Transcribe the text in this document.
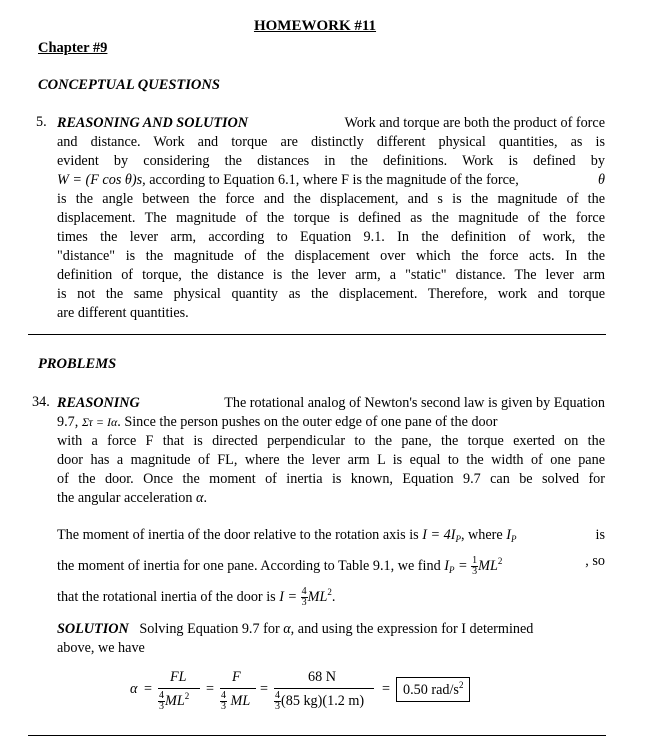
HOMEWORK #11
Chapter #9
CONCEPTUAL QUESTIONS
5. REASONING AND SOLUTION	Work and torque are both the product of force
and distance. Work and torque are distinctly different physical quantities, as is
evident by considering the distances in the definitions. Work is defined by
W = (F cos θ)s, according to Equation 6.1, where F is the magnitude of the force,	θ
is the angle between the force and the displacement, and s is the magnitude of the
displacement. The magnitude of the torque is defined as the magnitude of the force
times the lever arm, according to Equation 9.1. In the definition of work, the
"distance" is the magnitude of the displacement over which the force acts. In the
definition of torque, the distance is the lever arm, a "static" distance. The lever arm
is not the same physical quantity as the displacement. Therefore, work and torque
are different quantities.
PROBLEMS
34. REASONING	The rotational analog of Newton's second law is given by Equation
9.7, Στ = Iα. Since the person pushes on the outer edge of one pane of the door
with a force F that is directed perpendicular to the pane, the torque exerted on the
door has a magnitude of FL, where the lever arm L is equal to the width of one pane
of the door. Once the moment of inertia is known, Equation 9.7 can be solved for
the angular acceleration α.
The moment of inertia of the door relative to the rotation axis is $I = 4I_P$, where $I_P$	is
the moment of inertia for one pane. According to Table 9.1, we find $I_P = \frac{1}{3} ML^2$	, so
that the rotational inertia of the door is $I = \frac{4}{3} ML^2$.
SOLUTION Solving Equation 9.7 for α, and using the expression for I determined
above, we have
α =
FL
$\frac{4}{3} ML^2$ =
F
$\frac{4}{3}$ ML
=
68 N
$\frac{4}{3} (85$ kg)(1.2 m)
= 0.50 rad/$s^2$
